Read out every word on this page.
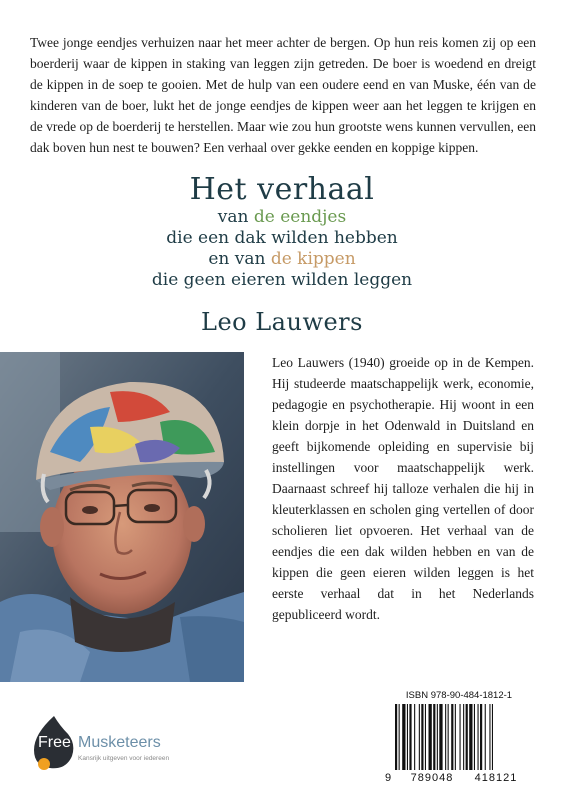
Twee jonge eendjes verhuizen naar het meer achter de bergen. Op hun reis komen zij op een boerderij waar de kippen in staking van leggen zijn getreden. De boer is woedend en dreigt de kippen in de soep te gooien. Met de hulp van een oudere eend en van Muske, één van de kinderen van de boer, lukt het de jonge eendjes de kippen weer aan het leggen te krijgen en de vrede op de boerderij te herstellen. Maar wie zou hun grootste wens kunnen vervullen, een dak boven hun nest te bouwen? Een verhaal over gekke eenden en koppige kippen.

Het verhaal
van de eendjes
die een dak wilden hebben
en van de kippen
die geen eieren wilden leggen
Leo Lauwers

Leo Lauwers (1940) groeide op in de Kempen. Hij studeerde maatschappelijk werk, economie, pedagogie en psychotherapie. Hij woont in een klein dorpje in het Odenwald in Duitsland en geeft bijkomende opleiding en supervisie bij instellingen voor maatschappelijk werk. Daarnaast schreef hij talloze verhalen die hij in kleuterklassen en scholen ging vertellen of door scholieren liet opvoeren. Het verhaal van de eendjes die een dak wilden hebben en van de kippen die geen eieren wilden leggen is het eerste verhaal dat in het Nederlands gepubliceerd wordt.

Free Musketeers
Kansrijk uitgeven voor iedereen
ISBN 978-90-484-1812-1
9	789048	418121
